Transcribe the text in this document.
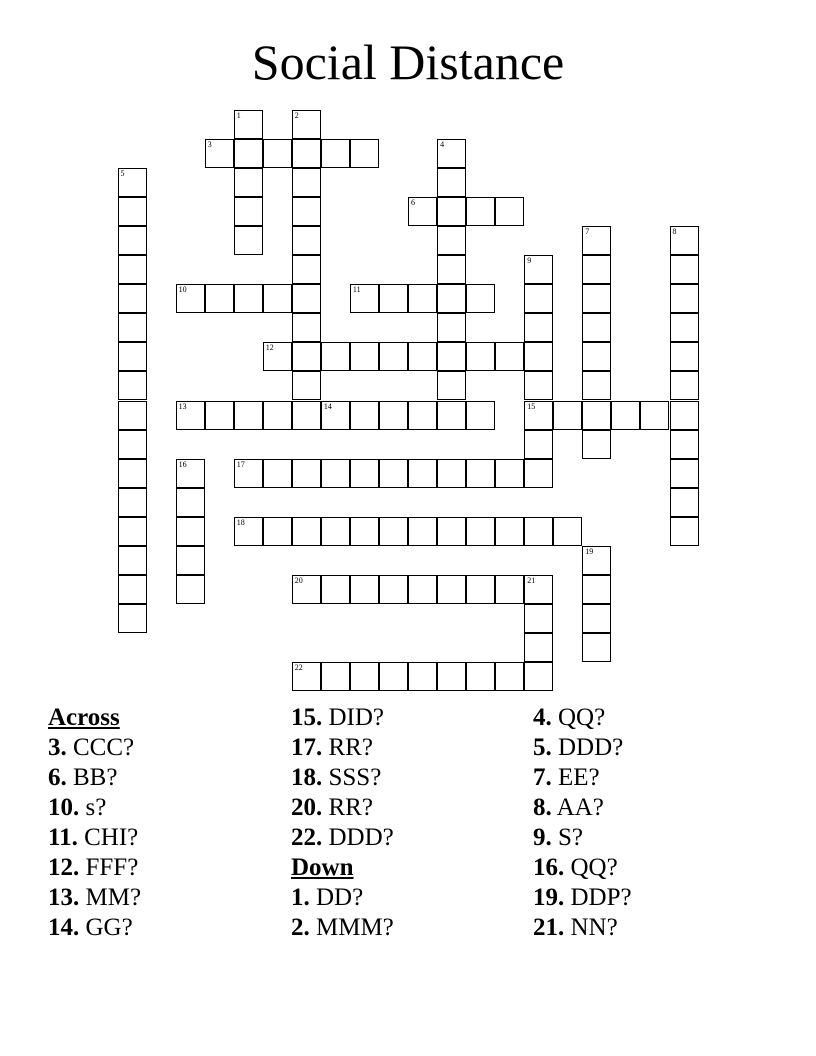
Social Distance
1	2
3	4
5
6
7	8
9
15
10	11
12
13	14
16	17
18
19
20	21
22
Across
3. CCC?
6. BB?
10. s?
11. CHI?
12. FFF?
13. MM?
14. GG?
15. DID?
17. RR?
18. SSS?
20. RR?
22. DDD?
Down
1. DD?
2. MMM?
4. QQ?
5. DDD?
7. EE?
8. AA?
9. S?
16. QQ?
19. DDP?
21. NN?
